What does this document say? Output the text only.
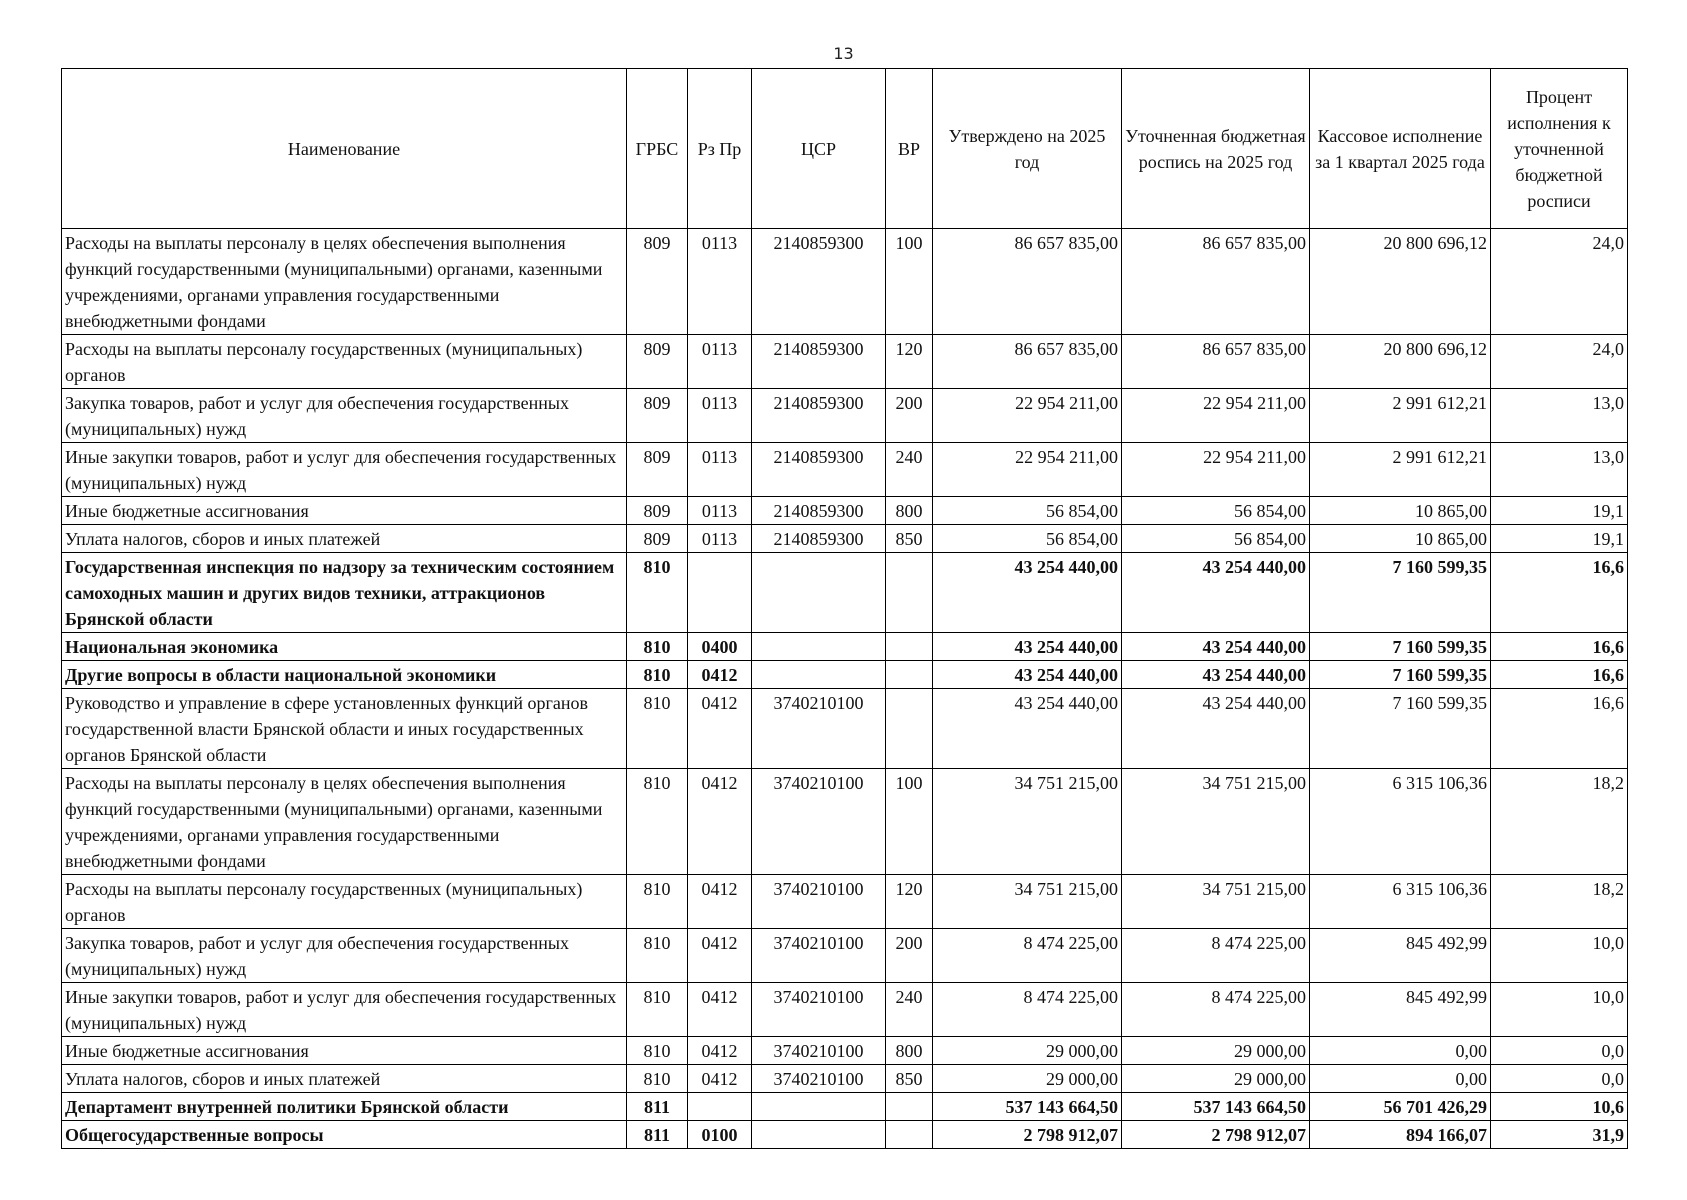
13
Наименование	ГРБС	Рз Пр	ЦСР	ВР	Утверждено на 2025 год	Уточненная бюджетная роспись на 2025 год	Кассовое исполнение за 1 квартал 2025 года	Процент исполнения к уточненной бюджетной росписи
Расходы на выплаты персоналу в целях обеспечения выполнения функций государственными (муниципальными) органами, казенными учреждениями, органами управления государственными внебюджетными фондами	809	0113	2140859300	100	86 657 835,00	86 657 835,00	20 800 696,12	24,0
Расходы на выплаты персоналу государственных (муниципальных) органов	809	0113	2140859300	120	86 657 835,00	86 657 835,00	20 800 696,12	24,0
Закупка товаров, работ и услуг для обеспечения государственных (муниципальных) нужд	809	0113	2140859300	200	22 954 211,00	22 954 211,00	2 991 612,21	13,0
Иные закупки товаров, работ и услуг для обеспечения государственных (муниципальных) нужд	809	0113	2140859300	240	22 954 211,00	22 954 211,00	2 991 612,21	13,0
Иные бюджетные ассигнования	809	0113	2140859300	800	56 854,00	56 854,00	10 865,00	19,1
Уплата налогов, сборов и иных платежей	809	0113	2140859300	850	56 854,00	56 854,00	10 865,00	19,1
Государственная инспекция по надзору за техническим состоянием самоходных машин и других видов техники, аттракционов Брянской области	810				43 254 440,00	43 254 440,00	7 160 599,35	16,6
Национальная экономика	810	0400			43 254 440,00	43 254 440,00	7 160 599,35	16,6
Другие вопросы в области национальной экономики	810	0412			43 254 440,00	43 254 440,00	7 160 599,35	16,6
Руководство и управление в сфере установленных функций органов государственной власти Брянской области и иных государственных органов Брянской области	810	0412	3740210100		43 254 440,00	43 254 440,00	7 160 599,35	16,6
Расходы на выплаты персоналу в целях обеспечения выполнения функций государственными (муниципальными) органами, казенными учреждениями, органами управления государственными внебюджетными фондами	810	0412	3740210100	100	34 751 215,00	34 751 215,00	6 315 106,36	18,2
Расходы на выплаты персоналу государственных (муниципальных) органов	810	0412	3740210100	120	34 751 215,00	34 751 215,00	6 315 106,36	18,2
Закупка товаров, работ и услуг для обеспечения государственных (муниципальных) нужд	810	0412	3740210100	200	8 474 225,00	8 474 225,00	845 492,99	10,0
Иные закупки товаров, работ и услуг для обеспечения государственных (муниципальных) нужд	810	0412	3740210100	240	8 474 225,00	8 474 225,00	845 492,99	10,0
Иные бюджетные ассигнования	810	0412	3740210100	800	29 000,00	29 000,00	0,00	0,0
Уплата налогов, сборов и иных платежей	810	0412	3740210100	850	29 000,00	29 000,00	0,00	0,0
Департамент внутренней политики Брянской области	811				537 143 664,50	537 143 664,50	56 701 426,29	10,6
Общегосударственные вопросы	811	0100			2 798 912,07	2 798 912,07	894 166,07	31,9
